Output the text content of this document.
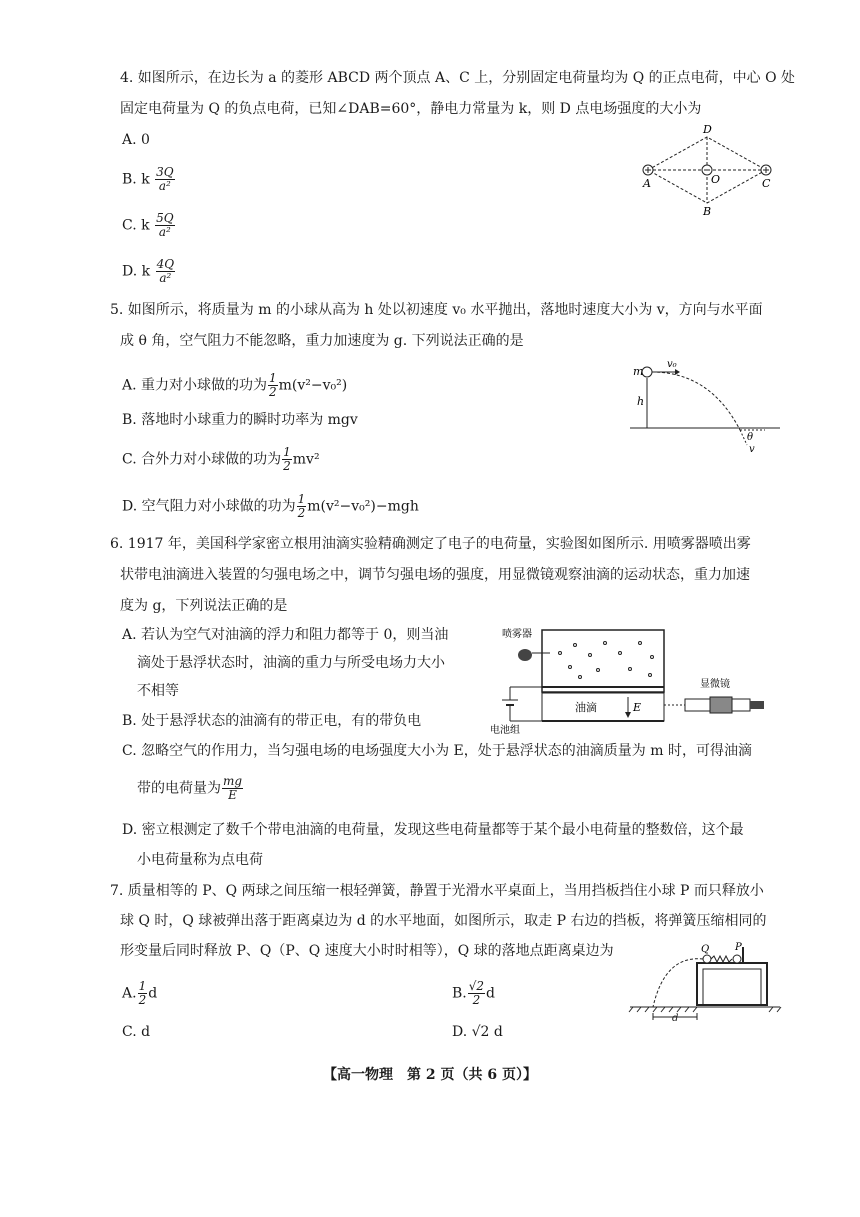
4. 如图所示，在边长为 a 的菱形 ABCD 两个顶点 A、C 上，分别固定电荷量均为 Q 的正点电荷，中心 O 处
固定电荷量为 Q 的负点电荷，已知∠DAB=60°，静电力常量为 k，则 D 点电场强度的大小为
A. 0
B. k $\frac{3Q}{\text{a²}}$
C. k $\frac{5Q}{\text{a²}}$
D. k $\frac{4Q}{\text{a²}}$
D
A	C
O
B
5. 如图所示，将质量为 m 的小球从高为 h 处以初速度 v₀ 水平抛出，落地时速度大小为 v，方向与水平面
成 θ 角，空气阻力不能忽略，重力加速度为 g. 下列说法正确的是
A. 重力对小球做的功为 $\frac{1}{2} m(v^2-v_0^2)$
B. 落地时小球重力的瞬时功率为 mgv
C. 合外力对小球做的功为 $\frac{1}{2} mv^2$
D. 空气阻力对小球做的功为 $\frac{1}{2} m(v^2-v_0^2)-mgh$
m
v₀
h
θ
v
6. 1917 年，美国科学家密立根用油滴实验精确测定了电子的电荷量，实验图如图所示. 用喷雾器喷出雾
状带电油滴进入装置的匀强电场之中，调节匀强电场的强度，用显微镜观察油滴的运动状态，重力加速
度为 g，下列说法正确的是
A. 若认为空气对油滴的浮力和阻力都等于 0，则当油
滴处于悬浮状态时，油滴的重力与所受电场力大小
不相等
B. 处于悬浮状态的油滴有的带正电，有的带负电
C. 忽略空气的作用力，当匀强电场的电场强度大小为 E，处于悬浮状态的油滴质量为 m 时，可得油滴
带的电荷量为 $\frac{mg}{E}$
D. 密立根测定了数千个带电油滴的电荷量，发现这些电荷量都等于某个最小电荷量的整数倍，这个最
小电荷量称为点电荷
喷雾器
油滴	E
电池组
显微镜
7. 质量相等的 P、Q 两球之间压缩一根轻弹簧，静置于光滑水平桌面上，当用挡板挡住小球 P 而只释放小
球 Q 时，Q 球被弹出落于距离桌边为 d 的水平地面，如图所示，取走 P 右边的挡板，将弹簧压缩相同的
形变量后同时释放 P、Q（P、Q 速度大小时时相等），Q 球的落地点距离桌边为
A. $\frac{1}{2}$ d	B. $\frac{√2}{2}$ d
C. d	D. √2 d
Q	P
d
【高一物理　第 2 页（共 6 页）】
